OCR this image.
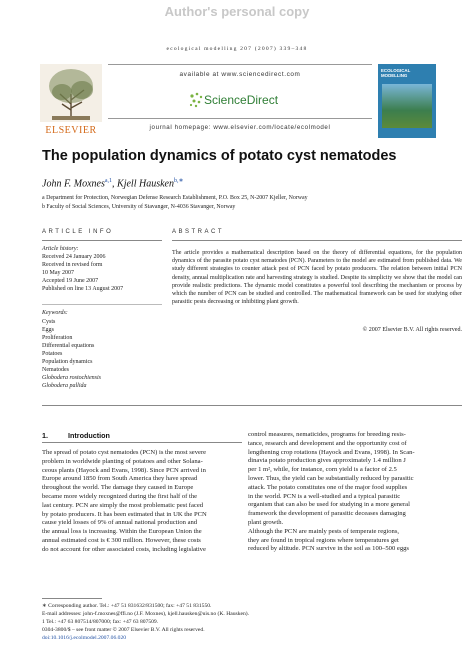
Author's personal copy
ecological modelling 207 (2007) 339–348
ELSEVIER
available at www.sciencedirect.com
ScienceDirect
journal homepage: www.elsevier.com/locate/ecolmodel
ECOLOGICAL MODELLING
The population dynamics of potato cyst nematodes
John F. Moxnes$^{a,1}$, Kjell Hausken$^{b,∗}$
a Department for Protection, Norwegian Defense Research Establishment, P.O. Box 25, N-2007 Kjeller, Norway
b Faculty of Social Sciences, University of Stavanger, N-4036 Stavanger, Norway
ARTICLE INFO	ABSTRACT
Article history:
Received 24 January 2006
Received in revised form
10 May 2007
Accepted 19 June 2007
Published on line 13 August 2007
Keywords:
Cysts
Eggs
Proliferation
Differential equations
Potatoes
Population dynamics
Nematodes
Globodera rostochiensis
Globodera pallida
The article provides a mathematical description based on the theory of differential equations, for the population dynamics of the parasite potato cyst nematodes (PCN). Parameters to the model are estimated from published data. We study different strategies to counter attack pest of PCN faced by potato producers. The relation between initial PCN density, annual multiplication rate and harvesting strategy is studied. Despite its simplicity we show that the model can provide realistic predictions. The dynamic model constitutes a powerful tool describing the mechanism or process by which the number of PCN can be studied and controlled. The mathematical framework can be used for studying other parasitic pests decreasing or inhibiting plant growth.
© 2007 Elsevier B.V. All rights reserved.
1.	Introduction
The spread of potato cyst nematodes (PCN) is the most severe
problem in worldwide planting of potatoes and other Solana-
ceous plants (Hayock and Evans, 1998). Since PCN arrived in
Europe around 1850 from South America they have spread
throughout the world. The damage they caused in Europe
became more widely recognized during the first half of the
last century. PCN are simply the most problematic pest faced
by potato producers. It has been estimated that in UK the PCN
cause yield losses of 9% of annual national production and
the annual loss is increasing. Within the European Union the
annual estimated cost is € 300 million. However, these costs
do not account for other associated costs, including legislative
control measures, nematicides, programs for breeding resis-
tance, research and development and the opportunity cost of
lengthening crop rotations (Hayock and Evans, 1998). In Scan-
dinavia potato production gives approximately 1.4 million J
per 1 m², while, for instance, corn yield is a factor of 2.5
lower. Thus, the yield can be substantially reduced by parasitic
attack. The potato constitutes one of the major food supplies
in the world. PCN is a well-studied and a typical parasitic
organism that can also be used for studying in a more general
framework the development of parasitic deceases damaging
plant growth.
Although the PCN are mainly pests of temperate regions,
they are found in tropical regions where temperatures get
reduced by altitude. PCN survive in the soil as 100–500 eggs
∗ Corresponding author. Tel.: +47 51 831632/831500; fax: +47 51 831550.
E-mail addresses: john-f.moxnes@ffi.no (J.F. Moxnes), kjell.hausken@uis.no (K. Hausken).
1 Tel.: +47 63 807514/807000; fax: +47 63 807509.
0304-3800/$ – see front matter © 2007 Elsevier B.V. All rights reserved.
doi:10.1016/j.ecolmodel.2007.06.020
